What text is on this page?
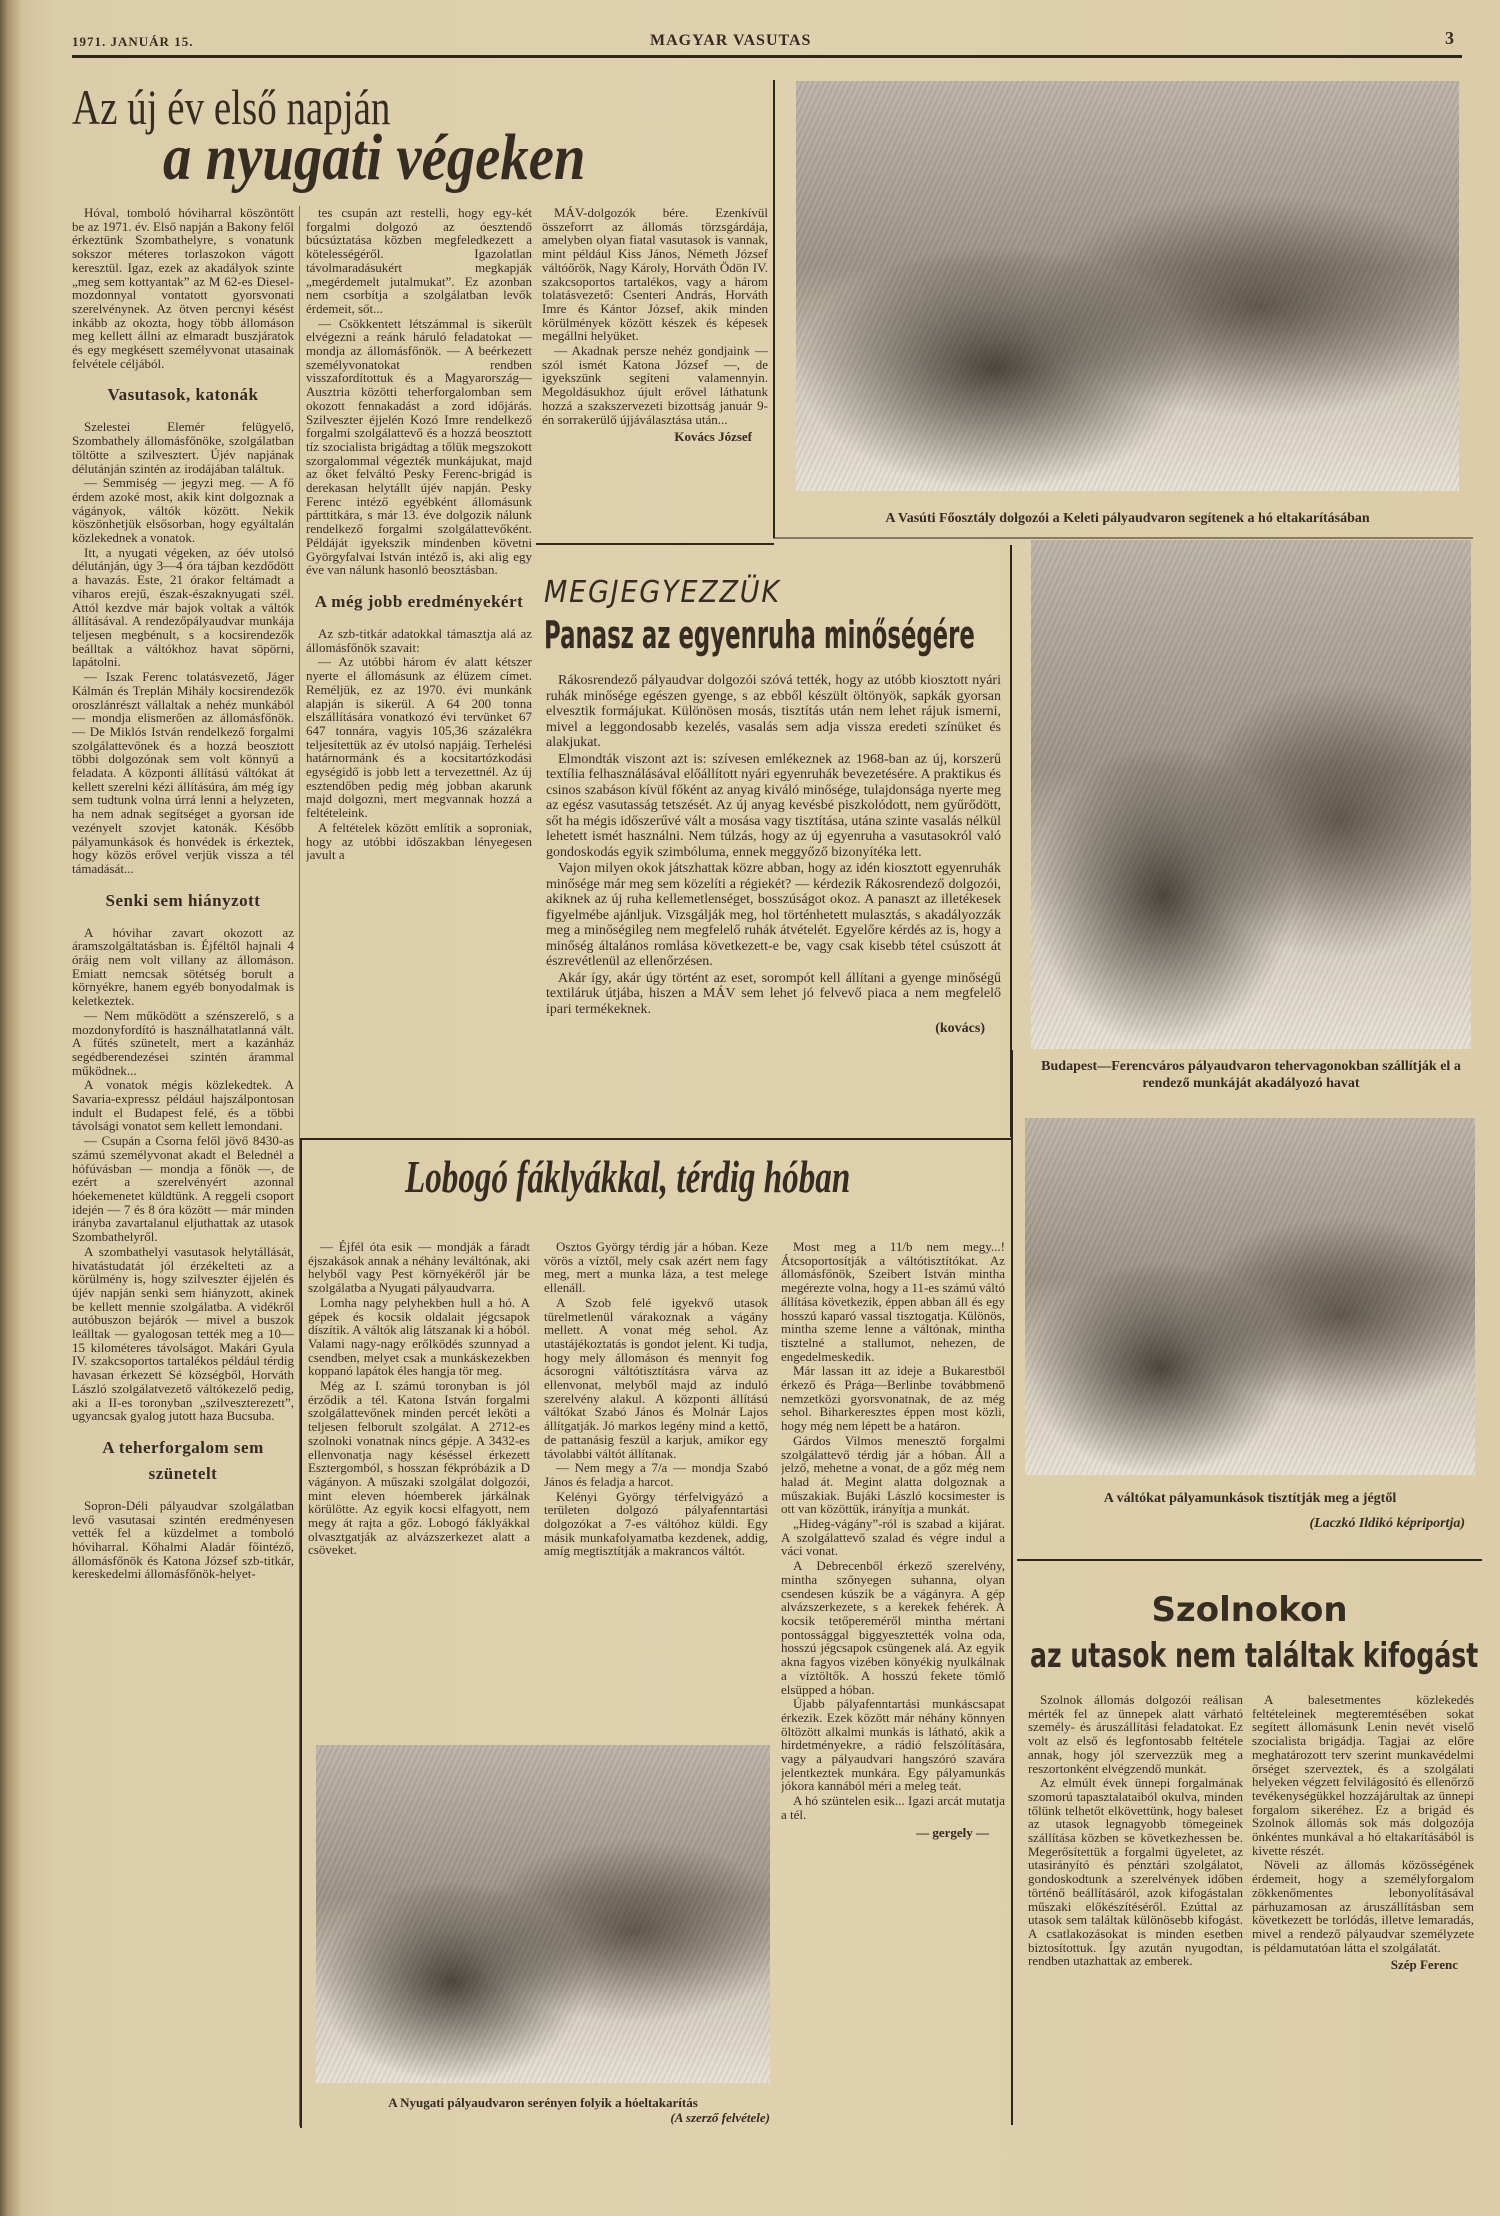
1971. JANUÁR 15.	MAGYAR VASUTAS	3
Az új év első napján
a nyugati végeken

Hóval, tomboló hóviharral köszöntött be az 1971. év. Első napján a Bakony felől érkeztünk Szombathelyre, s vonatunk sokszor méteres torlaszokon vágott keresztül. Igaz, ezek az akadályok szinte „meg sem kottyantak” az M 62-es Diesel-mozdonnyal vontatott gyorsvonati szerelvénynek. Az ötven percnyi késést inkább az okozta, hogy több állomáson meg kellett állni az elmaradt buszjáratok és egy megkésett személyvonat utasainak felvétele céljából.

Vasutasok, katonák

Szelestei Elemér felügyelő, Szombathely állomásfőnöke, szolgálatban töltötte a szilvesztert. Újév napjának délutánján szintén az irodájában találtuk.

— Semmiség — jegyzi meg. — A fő érdem azoké most, akik kint dolgoznak a vágányok, váltók között. Nekik köszönhetjük elsősorban, hogy egyáltalán közlekednek a vonatok.

Itt, a nyugati végeken, az óév utolsó délutánján, úgy 3—4 óra tájban kezdődött a havazás. Este, 21 órakor feltámadt a viharos erejű, észak-északnyugati szél. Attól kezdve már bajok voltak a váltók állításával. A rendezőpályaudvar munkája teljesen megbénult, s a kocsirendezők beálltak a váltókhoz havat söpörni, lapátolni.

— Iszak Ferenc tolatásvezető, Jáger Kálmán és Treplán Mihály kocsirendezők oroszlánrészt vállaltak a nehéz munkából — mondja elismerően az állomásfőnök. — De Miklós István rendelkező forgalmi szolgálattevőnek és a hozzá beosztott többi dolgozónak sem volt könnyű a feladata. A központi állítású váltókat át kellett szerelni kézi állításúra, ám még így sem tudtunk volna úrrá lenni a helyzeten, ha nem adnak segítséget a gyorsan ide vezényelt szovjet katonák. Később pályamunkások és honvédek is érkeztek, hogy közös erővel verjük vissza a tél támadását...

Senki sem hiányzott

A hóvihar zavart okozott az áramszolgáltatásban is. Éjféltől hajnali 4 óráig nem volt villany az állomáson. Emiatt nemcsak sötétség borult a környékre, hanem egyéb bonyodalmak is keletkeztek.

— Nem működött a szénszerelő, s a mozdonyfordító is használhatatlanná vált. A fűtés szünetelt, mert a kazánház segédberendezései szintén árammal működnek...

A vonatok mégis közlekedtek. A Savaria-expressz például hajszálpontosan indult el Budapest felé, és a többi távolsági vonatot sem kellett lemondani.

— Csupán a Csorna felől jövő 8430-as számú személyvonat akadt el Belednél a hófúvásban — mondja a főnök —, de ezért a szerelvényért azonnal hóekemenetet küldtünk. A reggeli csoport idején — 7 és 8 óra között — már minden irányba zavartalanul eljuthattak az utasok Szombathelyről.

A szombathelyi vasutasok helytállását, hivatástudatát jól érzékelteti az a körülmény is, hogy szilveszter éjjelén és újév napján senki sem hiányzott, akinek be kellett mennie szolgálatba. A vidékről autóbuszon bejárók — mivel a buszok leálltak — gyalogosan tették meg a 10—15 kilométeres távolságot. Makári Gyula IV. szakcsoportos tartalékos például térdig havasan érkezett Sé községből, Horváth László szolgálatvezető váltókezelő pedig, aki a II-es toronyban „szilveszterezett”, ugyancsak gyalog jutott haza Bucsuba.

A teherforgalom sem szünetelt

Sopron-Déli pályaudvar szolgálatban levő vasutasai szintén eredményesen vették fel a küzdelmet a tomboló hóviharral. Kőhalmi Aladár főintéző, állomásfőnök és Katona József szb-titkár, kereskedelmi állomásfőnök-helyet-

tes csupán azt restelli, hogy egy-két forgalmi dolgozó az óesztendő búcsúztatása közben megfeledkezett a kötelességéről. Igazolatlan távolmaradásukért megkapják „megérdemelt jutalmukat”. Ez azonban nem csorbítja a szolgálatban levők érdemeit, sőt...

— Csökkentett létszámmal is sikerült elvégezni a reánk háruló feladatokat — mondja az állomásfőnök. — A beérkezett személyvonatokat rendben visszafordítottuk és a Magyarország—Ausztria közötti teherforgalomban sem okozott fennakadást a zord időjárás. Szilveszter éjjelén Kozó Imre rendelkező forgalmi szolgálattevő és a hozzá beosztott tíz szocialista brigádtag a tőlük megszokott szorgalommal végezték munkájukat, majd az őket felváltó Pesky Ferenc-brigád is derekasan helytállt újév napján. Pesky Ferenc intéző egyébként állomásunk párttitkára, s már 13. éve dolgozik nálunk rendelkező forgalmi szolgálattevőként. Példáját igyekszik mindenben követni Györgyfalvai István intéző is, aki alig egy éve van nálunk hasonló beosztásban.

A még jobb eredményekért

Az szb-titkár adatokkal támasztja alá az állomásfőnök szavait:

— Az utóbbi három év alatt kétszer nyerte el állomásunk az élüzem címet. Reméljük, ez az 1970. évi munkánk alapján is sikerül. A 64 200 tonna elszállítására vonatkozó évi tervünket 67 647 tonnára, vagyis 105,36 százalékra teljesítettük az év utolsó napjáig. Terhelési határnormánk és a kocsitartózkodási egységidő is jobb lett a tervezettnél. Az új esztendőben pedig még jobban akarunk majd dolgozni, mert megvannak hozzá a feltételeink.

A feltételek között említik a soproniak, hogy az utóbbi időszakban lényegesen javult a

MÁV-dolgozók bére. Ezenkívül összeforrt az állomás törzsgárdája, amelyben olyan fiatal vasutasok is vannak, mint például Kiss János, Németh József váltóőrök, Nagy Károly, Horváth Ödön IV. szakcsoportos tartalékos, vagy a három tolatásvezető: Csenteri András, Horváth Imre és Kántor József, akik minden körülmények között készek és képesek megállni helyüket.

— Akadnak persze nehéz gondjaink — szól ismét Katona József —, de igyekszünk segíteni valamennyin. Megoldásukhoz újult erővel láthatunk hozzá a szakszervezeti bizottság január 9-én sorrakerülő újjáválasztása után...

Kovács József

A Vasúti Főosztály dolgozói a Keleti pályaudvaron segítenek a hó eltakarításában
MEGJEGYEZZÜK
Panasz az egyenruha minőségére

Rákosrendező pályaudvar dolgozói szóvá tették, hogy az utóbb kiosztott nyári ruhák minősége egészen gyenge, s az ebből készült öltönyök, sapkák gyorsan elvesztik formájukat. Különösen mosás, tisztítás után nem lehet rájuk ismerni, mivel a leggondosabb kezelés, vasalás sem adja vissza eredeti színüket és alakjukat.

Elmondták viszont azt is: szívesen emlékeznek az 1968-ban az új, korszerű textília felhasználásával előállított nyári egyenruhák bevezetésére. A praktikus és csinos szabáson kívül főként az anyag kiváló minősége, tulajdonsága nyerte meg az egész vasutasság tetszését. Az új anyag kevésbé piszkolódott, nem gyűrődött, sőt ha mégis időszerűvé vált a mosása vagy tisztítása, utána szinte vasalás nélkül lehetett ismét használni. Nem túlzás, hogy az új egyenruha a vasutasokról való gondoskodás egyik szimbóluma, ennek meggyőző bizonyítéka lett.

Vajon milyen okok játszhattak közre abban, hogy az idén kiosztott egyenruhák minősége már meg sem közelíti a régiekét? — kérdezik Rákosrendező dolgozói, akiknek az új ruha kellemetlenséget, bosszúságot okoz. A panaszt az illetékesek figyelmébe ajánljuk. Vizsgálják meg, hol történhetett mulasztás, s akadályozzák meg a minőségileg nem megfelelő ruhák átvételét. Egyelőre kérdés az is, hogy a minőség általános romlása következett-e be, vagy csak kisebb tétel csúszott át észrevétlenül az ellenőrzésen.

Akár így, akár úgy történt az eset, sorompót kell állítani a gyenge minőségű textiláruk útjába, hiszen a MÁV sem lehet jó felvevő piaca a nem megfelelő ipari termékeknek.

(kovács)

Budapest—Ferencváros pályaudvaron tehervagonokban szállítják el a rendező munkáját akadályozó havat
Lobogó fáklyákkal, térdig hóban

— Éjfél óta esik — mondják a fáradt éjszakások annak a néhány leváltónak, aki helyből vagy Pest környékéről jár be szolgálatba a Nyugati pályaudvarra.

Lomha nagy pelyhekben hull a hó. A gépek és kocsik oldalait jégcsapok díszítik. A váltók alig látszanak ki a hóból. Valami nagy-nagy erőlködés szunnyad a csendben, melyet csak a munkáskezekben koppanó lapátok éles hangja tör meg.

Még az I. számú toronyban is jól érződik a tél. Katona István forgalmi szolgálattevőnek minden percét leköti a teljesen felborult szolgálat. A 2712-es szolnoki vonatnak nincs gépje. A 3432-es ellenvonatja nagy késéssel érkezett Esztergomból, s hosszan fékpróbázik a D vágányon. A műszaki szolgálat dolgozói, mint eleven hóemberek járkálnak körülötte. Az egyik kocsi elfagyott, nem megy át rajta a gőz. Lobogó fáklyákkal olvasztgatják az alvázszerkezet alatt a csöveket.

Osztos György térdig jár a hóban. Keze vörös a víztől, mely csak azért nem fagy meg, mert a munka láza, a test melege ellenáll.

A Szob felé igyekvő utasok türelmetlenül várakoznak a vágány mellett. A vonat még sehol. Az utastájékoztatás is gondot jelent. Ki tudja, hogy mely állomáson és mennyit fog ácsorogni váltótisztításra várva az ellenvonat, melyből majd az induló szerelvény alakul. A központi állítású váltókat Szabó János és Molnár Lajos állítgatják. Jó markos legény mind a kettő, de pattanásig feszül a karjuk, amikor egy távolabbi váltót állítanak.

— Nem megy a 7/a — mondja Szabó János és feladja a harcot.

Kelényi György térfelvigyázó a területen dolgozó pályafenntartási dolgozókat a 7-es váltóhoz küldi. Egy másik munkafolyamatba kezdenek, addig, amíg megtisztítják a makrancos váltót.

Most meg a 11/b nem megy...! Átcsoportosítják a váltótisztítókat. Az állomásfőnök, Szeibert István mintha megérezte volna, hogy a 11-es számú váltó állítása következik, éppen abban áll és egy hosszú kaparó vassal tisztogatja. Különös, mintha szeme lenne a váltónak, mintha tisztelné a stallumot, nehezen, de engedelmeskedik.

Már lassan itt az ideje a Bukarestből érkező és Prága—Berlinbe továbbmenő nemzetközi gyorsvonatnak, de az még sehol. Biharkeresztes éppen most közli, hogy még nem lépett be a határon.

Gárdos Vilmos menesztő forgalmi szolgálattevő térdig jár a hóban. Áll a jelző, mehetne a vonat, de a gőz még nem halad át. Megint alatta dolgoznak a műszakiak. Bujáki László kocsimester is ott van közöttük, irányítja a munkát.

„Hideg-vágány”-ról is szabad a kijárat. A szolgálattevő szalad és végre indul a váci vonat.

A Debrecenből érkező szerelvény, mintha szőnyegen suhanna, olyan csendesen kúszik be a vágányra. A gép alvázszerkezete, s a kerekek fehérek. A kocsik tetőpereméről mintha mértani pontossággal biggyesztették volna oda, hosszú jégcsapok csüngenek alá. Az egyik akna fagyos vizében könyékig nyulkálnak a víztöltők. A hosszú fekete tömlő elsüpped a hóban.

Újabb pályafenntartási munkáscsapat érkezik. Ezek között már néhány könnyen öltözött alkalmi munkás is látható, akik a hirdetményekre, a rádió felszólítására, vagy a pályaudvari hangszóró szavára jelentkeztek munkára. Egy pályamunkás jókora kannából méri a meleg teát.

A hó szüntelen esik... Igazi arcát mutatja a tél.

— gergely —

A Nyugati pályaudvaron serényen folyik a hóeltakarítás
(A szerző felvétele)
A váltókat pályamunkások tisztítják meg a jégtől
(Laczkó Ildikó képriportja)
Szolnokon
az utasok nem találtak kifogást

Szolnok állomás dolgozói reálisan mérték fel az ünnepek alatt várható személy- és áruszállítási feladatokat. Ez volt az első és legfontosabb feltétele annak, hogy jól szervezzük meg a reszortonként elvégzendő munkát.

Az elmúlt évek ünnepi forgalmának szomorú tapasztalataiból okulva, minden tőlünk telhetőt elkövettünk, hogy baleset az utasok legnagyobb tömegeinek szállítása közben se következhessen be. Megerősítettük a forgalmi ügyeletet, az utasirányító és pénztári szolgálatot, gondoskodtunk a szerelvények időben történő beállításáról, azok kifogástalan műszaki előkészítéséről. Ezúttal az utasok sem találtak különösebb kifogást. A csatlakozásokat is minden esetben biztosítottuk. Így azután nyugodtan, rendben utazhattak az emberek.

A balesetmentes közlekedés feltételeinek megteremtésében sokat segített állomásunk Lenin nevét viselő szocialista brigádja. Tagjai az előre meghatározott terv szerint munkavédelmi őrséget szerveztek, és a szolgálati helyeken végzett felvilágosító és ellenőrző tevékenységükkel hozzájárultak az ünnepi forgalom sikeréhez. Ez a brigád és Szolnok állomás sok más dolgozója önkéntes munkával a hó eltakarításából is kivette részét.

Növeli az állomás közösségének érdemeit, hogy a személyforgalom zökkenőmentes lebonyolításával párhuzamosan az áruszállításban sem következett be torlódás, illetve lemaradás, mivel a rendező pályaudvar személyzete is példamutatóan látta el szolgálatát.

Szép Ferenc
